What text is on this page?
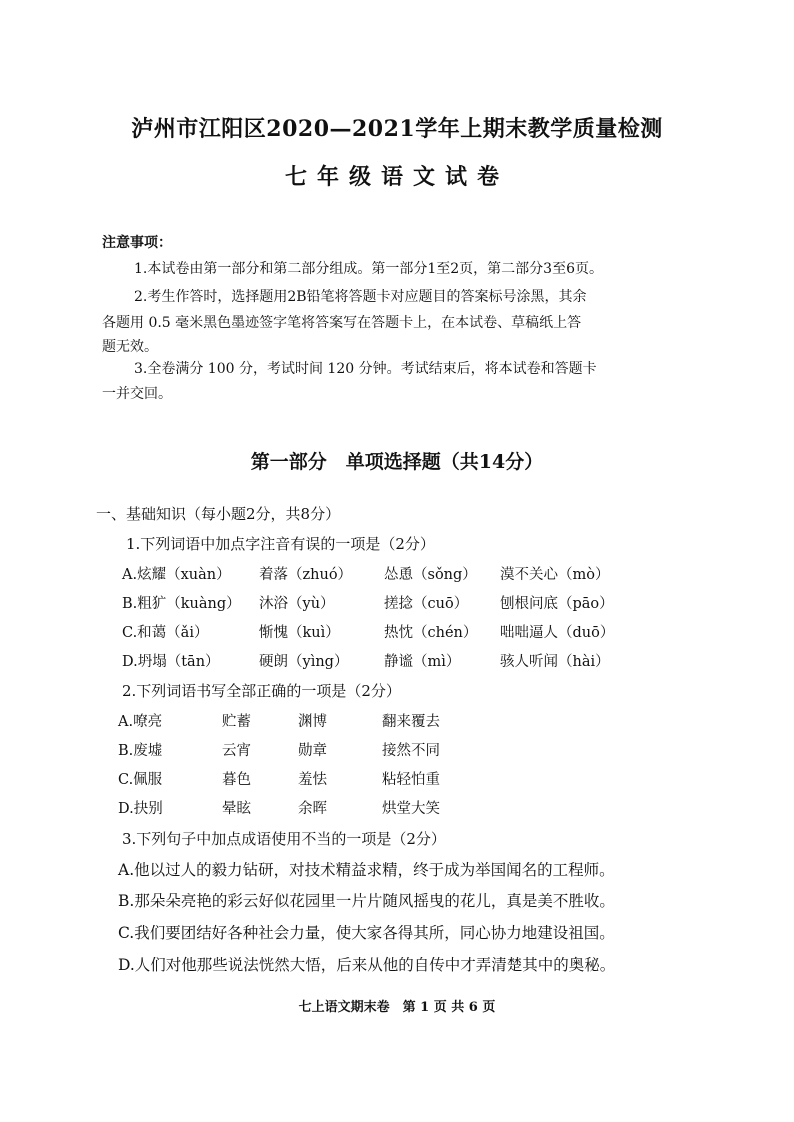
泸州市江阳区2020—2021学年上期末教学质量检测
七年级语文试卷
注意事项：
1.本试卷由第一部分和第二部分组成。第一部分1至2页，第二部分3至6页。
2.考生作答时，选择题用2B铅笔将答题卡对应题目的答案标号涂黑，其余
各题用 0.5 毫米黑色墨迹签字笔将答案写在答题卡上，在本试卷、草稿纸上答
题无效。
3.全卷满分 100 分，考试时间 120 分钟。考试结束后，将本试卷和答题卡
一并交回。
第一部分　单项选择题（共14分）
一、基础知识（每小题2分，共8分）
1.下列词语中加点字注音有误的一项是（2分）
A.炫耀（xuàn） 着落（zhuó） 怂恿（sǒng） 漠不关心（mò）
B.粗犷（kuàng） 沐浴（yù）	搓捻（cuō） 刨根问底（pāo）
C.和蔼（ǎi）	惭愧（kuì）	热忱（chén） 咄咄逼人（duō）
D.坍塌（tān）	硬朗（yìng） 静谧（mì）	骇人听闻（hài）
2.下列词语书写全部正确的一项是（2分）
A.嘹亮	贮蓄	渊博	翻来覆去
B.废墟	云宵	勋章	接然不同
C.佩服	暮色	羞怯	粘轻怕重
D.抉别	晕眩	余晖	烘堂大笑
3.下列句子中加点成语使用不当的一项是（2分）
A.他以过人的毅力钻研，对技术精益求精，终于成为举国闻名的工程师。
B.那朵朵亮艳的彩云好似花园里一片片随风摇曳的花儿，真是美不胜收。
C.我们要团结好各种社会力量，使大家各得其所，同心协力地建设祖国。
D.人们对他那些说法恍然大悟，后来从他的自传中才弄清楚其中的奥秘。
七上语文期末卷　第 1 页 共 6 页
